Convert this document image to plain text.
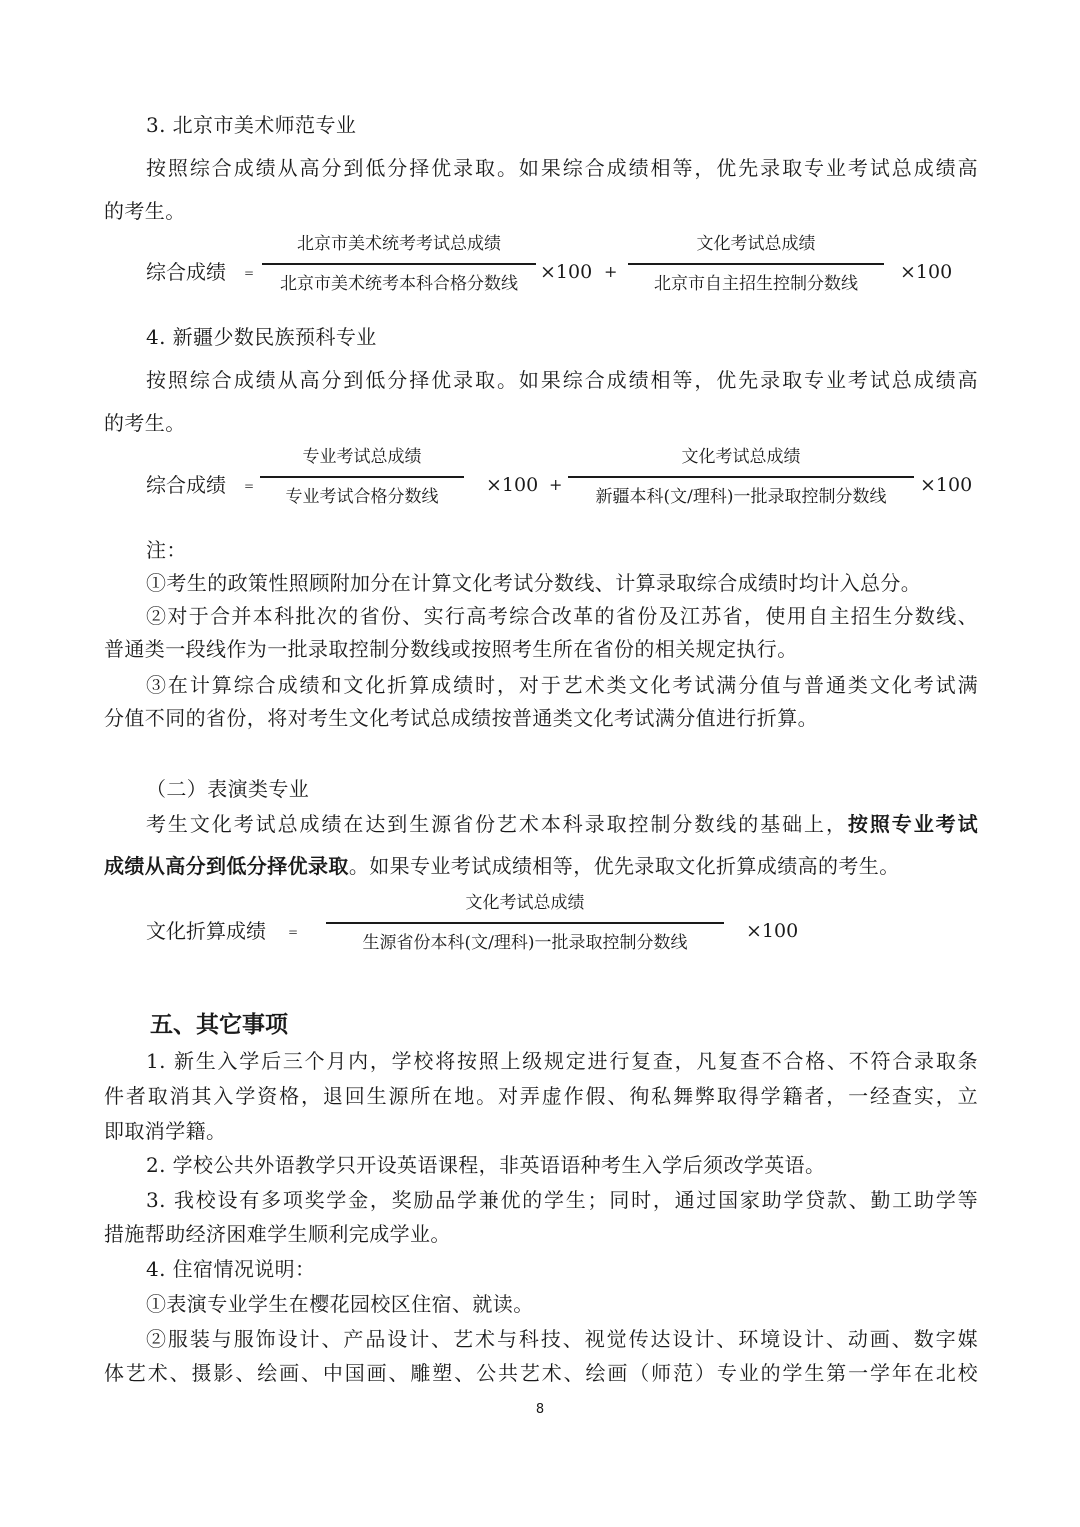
3. 北京市美术师范专业
按照综合成绩从高分到低分择优录取。如果综合成绩相等，优先录取专业考试总成绩高
的考生。
综合成绩 =
北京市美术统考考试总成绩
北京市美术统考本科合格分数线
×100 +
文化考试总成绩
北京市自主招生控制分数线
×100
4. 新疆少数民族预科专业
按照综合成绩从高分到低分择优录取。如果综合成绩相等，优先录取专业考试总成绩高
的考生。
综合成绩 =
专业考试总成绩
专业考试合格分数线
×100 +
文化考试总成绩
新疆本科(文/理科)一批录取控制分数线
×100
注：
①考生的政策性照顾附加分在计算文化考试分数线、计算录取综合成绩时均计入总分。
②对于合并本科批次的省份、实行高考综合改革的省份及江苏省，使用自主招生分数线、
普通类一段线作为一批录取控制分数线或按照考生所在省份的相关规定执行。
③在计算综合成绩和文化折算成绩时，对于艺术类文化考试满分值与普通类文化考试满
分值不同的省份，将对考生文化考试总成绩按普通类文化考试满分值进行折算。
（二）表演类专业
考生文化考试总成绩在达到生源省份艺术本科录取控制分数线的基础上，按照专业考试
成绩从高分到低分择优录取。如果专业考试成绩相等，优先录取文化折算成绩高的考生。
文化折算成绩 =
文化考试总成绩
生源省份本科(文/理科)一批录取控制分数线
×100
五、其它事项
1. 新生入学后三个月内，学校将按照上级规定进行复查，凡复查不合格、不符合录取条
件者取消其入学资格，退回生源所在地。对弄虚作假、徇私舞弊取得学籍者，一经查实，立
即取消学籍。
2. 学校公共外语教学只开设英语课程，非英语语种考生入学后须改学英语。
3. 我校设有多项奖学金，奖励品学兼优的学生；同时，通过国家助学贷款、勤工助学等
措施帮助经济困难学生顺利完成学业。
4. 住宿情况说明：
①表演专业学生在樱花园校区住宿、就读。
②服装与服饰设计、产品设计、艺术与科技、视觉传达设计、环境设计、动画、数字媒
体艺术、摄影、绘画、中国画、雕塑、公共艺术、绘画（师范）专业的学生第一学年在北校
8
